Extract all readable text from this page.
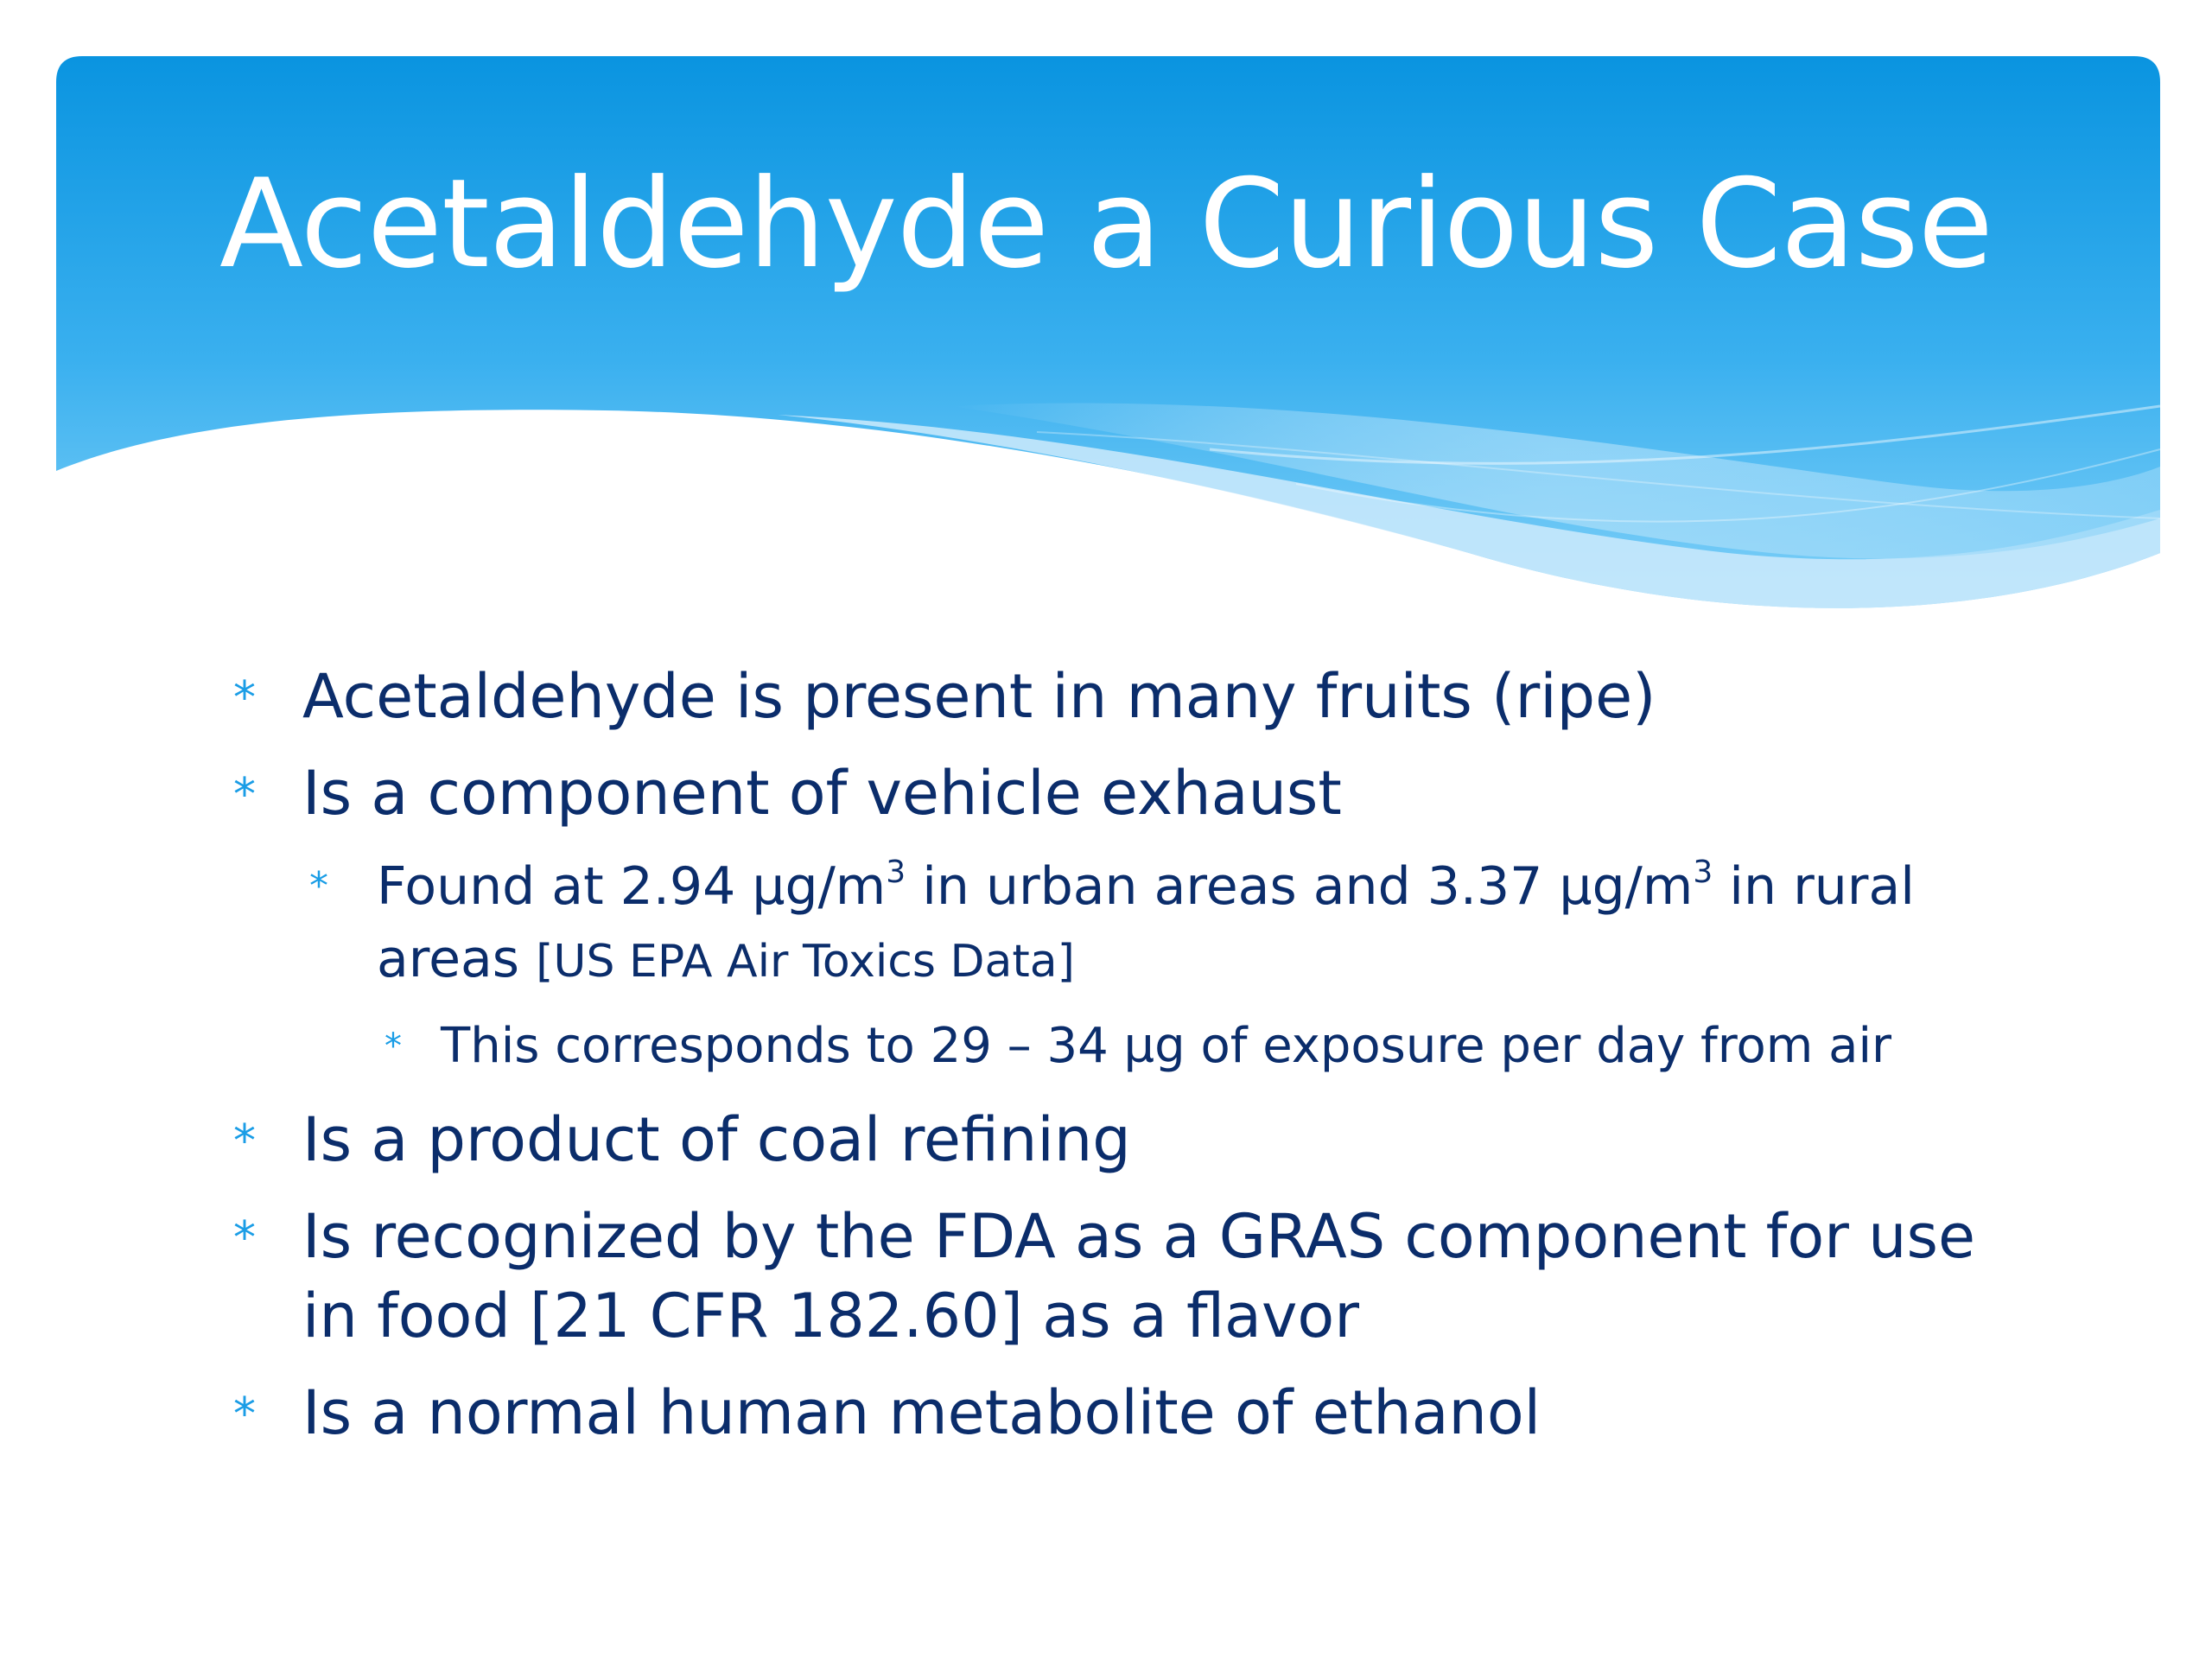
Acetaldehyde a Curious Case

* Acetaldehyde is present in many fruits (ripe)

* Is a component of vehicle exhaust

* Found at 2.94 $\mu g/m^3$ in urban areas and 3.37 $\mu g/m^3$ in rural areas [US EPA Air Toxics Data]

* This corresponds to 29 – 34 µg of exposure per day from air

* Is a product of coal refining

* Is recognized by the FDA as a GRAS component for use in food [21 CFR 182.60] as a flavor

* Is a normal human metabolite of ethanol
